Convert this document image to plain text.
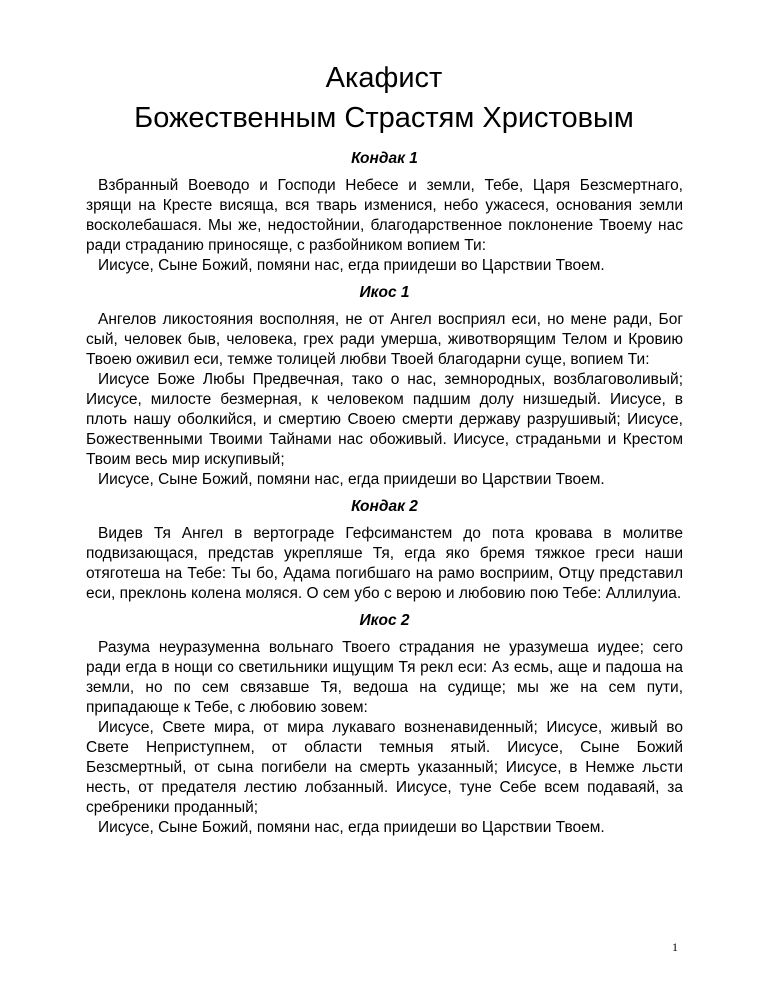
Акафист
Божественным Страстям Христовым

Кондак 1

Взбранный Воеводо и Господи Небесе и земли, Тебе, Царя Безсмертнаго, зрящи на Кресте висяща, вся тварь изменися, небо ужасеся, основания земли восколебашася. Мы же, недостойнии, благодарственное поклонение Твоему нас ради страданию приносяще, с разбойником вопием Ти:

Иисусе, Сыне Божий, помяни нас, егда приидеши во Царствии Твоем.

Икос 1

Ангелов ликостояния восполняя, не от Ангел восприял еси, но мене ради, Бог сый, человек быв, человека, грех ради умерша, животворящим Телом и Кровию Твоею оживил еси, темже толицей любви Твоей благодарни суще, вопием Ти:

Иисусе Боже Любы Предвечная, тако о нас, земнородных, возблаговоливый; Иисусе, милосте безмерная, к человеком падшим долу низшедый. Иисусе, в плоть нашу оболкийся, и смертию Своею смерти державу разрушивый; Иисусе, Божественными Твоими Тайнами нас обоживый. Иисусе, страданьми и Крестом Твоим весь мир искупивый;

Иисусе, Сыне Божий, помяни нас, егда приидеши во Царствии Твоем.

Кондак 2

Видев Тя Ангел в вертограде Гефсиманстем до пота кровава в молитве подвизающася, представ укрепляше Тя, егда яко бремя тяжкое греси наши отяготеша на Тебе: Ты бо, Адама погибшаго на рамо восприим, Отцу представил еси, преклонь колена моляся. О сем убо с верою и любовию пою Тебе: Аллилуиа.

Икос 2

Разума неуразуменна вольнаго Твоего страдания не уразумеша иудее; сего ради егда в нощи со светильники ищущим Тя рекл еси: Аз есмь, аще и падоша на земли, но по сем связавше Тя, ведоша на судище; мы же на сем пути, припадающе к Тебе, с любовию зовем:

Иисусе, Свете мира, от мира лукаваго возненавиденный; Иисусе, живый во Свете Неприступнем, от области темныя ятый. Иисусе, Сыне Божий Безсмертный, от сына погибели на смерть указанный; Иисусе, в Немже льсти несть, от предателя лестию лобзанный. Иисусе, туне Себе всем подаваяй, за сребреники проданный;

Иисусе, Сыне Божий, помяни нас, егда приидеши во Царствии Твоем.

1
